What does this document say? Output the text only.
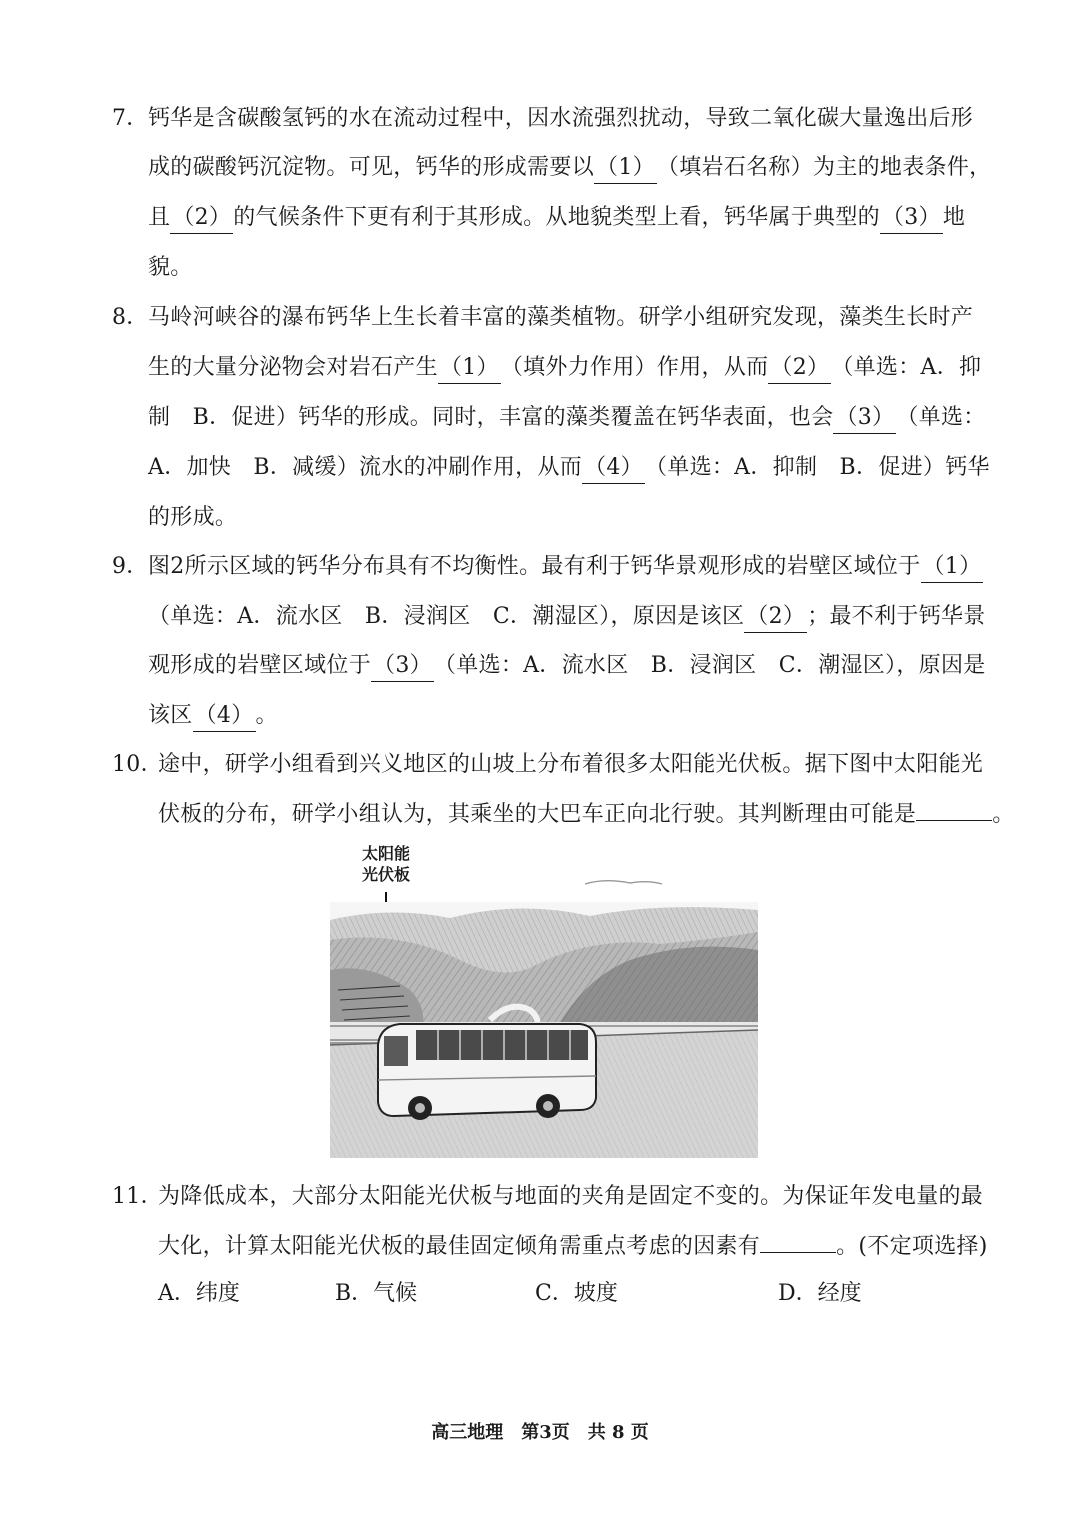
7． 钙华是含碳酸氢钙的水在流动过程中，因水流强烈扰动，导致二氧化碳大量逸出后形
成的碳酸钙沉淀物。可见，钙华的形成需要以（1）（填岩石名称）为主的地表条件，
且（2）的气候条件下更有利于其形成。从地貌类型上看，钙华属于典型的（3）地
貌。
8． 马岭河峡谷的瀑布钙华上生长着丰富的藻类植物。研学小组研究发现，藻类生长时产
生的大量分泌物会对岩石产生（1）（填外力作用）作用，从而（2）（单选：A．抑
制　B．促进）钙华的形成。同时，丰富的藻类覆盖在钙华表面，也会（3）（单选：
A．加快　B．减缓）流水的冲刷作用，从而（4）（单选：A．抑制　B．促进）钙华
的形成。
9． 图2所示区域的钙华分布具有不均衡性。最有利于钙华景观形成的岩壁区域位于（1）
（单选：A．流水区　B．浸润区　C．潮湿区），原因是该区（2）；最不利于钙华景
观形成的岩壁区域位于（3）（单选：A．流水区　B．浸润区　C．潮湿区），原因是
该区（4）。
10．
途中，研学小组看到兴义地区的山坡上分布着很多太阳能光伏板。据下图中太阳能光
伏板的分布，研学小组认为，其乘坐的大巴车正向北行驶。其判断理由可能是	。
太阳能
光伏板
11．
为降低成本，大部分太阳能光伏板与地面的夹角是固定不变的。为保证年发电量的最
大化，计算太阳能光伏板的最佳固定倾角需重点考虑的因素有	。(不定项选择)
A．纬度	B．气候	C．坡度	D．经度
高三地理　第3页　共 8 页
